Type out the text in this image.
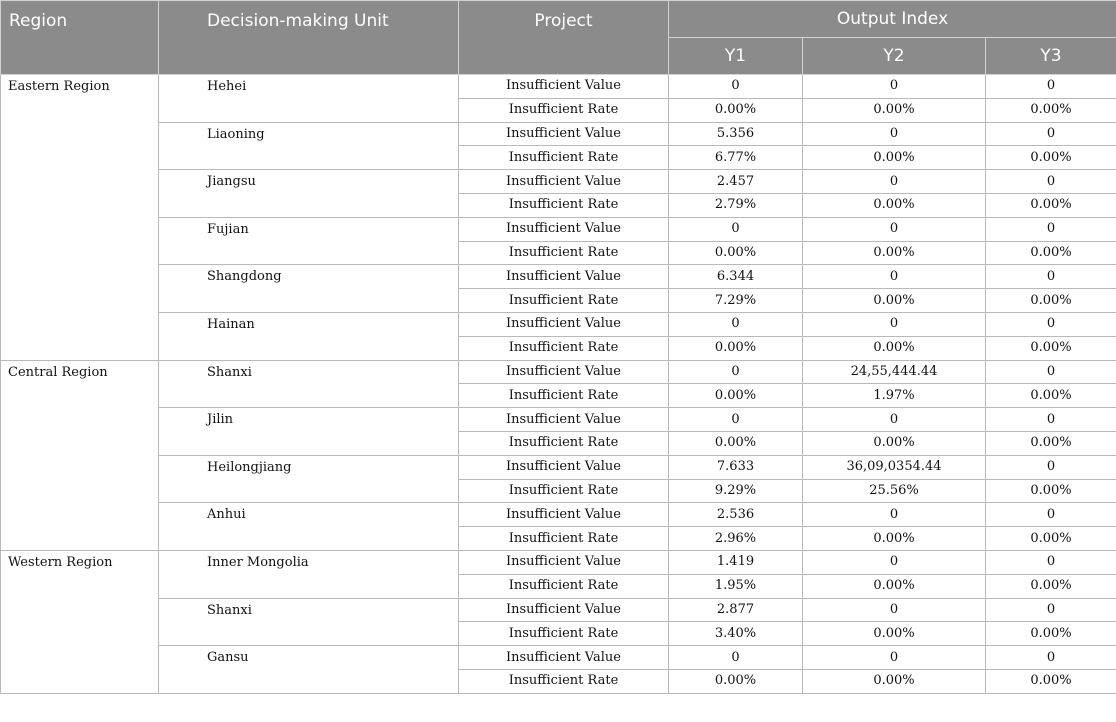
Region	Decision-making Unit	Project	Output Index		
			Y1	Y2	Y3
Eastern Region	Hehei	Insufficient Value	0	0	0
		Insufficient Rate	0.00%	0.00%	0.00%
	Liaoning	Insufficient Value	5.356	0	0
		Insufficient Rate	6.77%	0.00%	0.00%
	Jiangsu	Insufficient Value	2.457	0	0
		Insufficient Rate	2.79%	0.00%	0.00%
	Fujian	Insufficient Value	0	0	0
		Insufficient Rate	0.00%	0.00%	0.00%
	Shangdong	Insufficient Value	6.344	0	0
		Insufficient Rate	7.29%	0.00%	0.00%
	Hainan	Insufficient Value	0	0	0
		Insufficient Rate	0.00%	0.00%	0.00%
Central Region	Shanxi	Insufficient Value	0	24,55,444.44	0
		Insufficient Rate	0.00%	1.97%	0.00%
	Jilin	Insufficient Value	0	0	0
		Insufficient Rate	0.00%	0.00%	0.00%
	Heilongjiang	Insufficient Value	7.633	36,09,0354.44	0
		Insufficient Rate	9.29%	25.56%	0.00%
	Anhui	Insufficient Value	2.536	0	0
		Insufficient Rate	2.96%	0.00%	0.00%
Western Region	Inner Mongolia	Insufficient Value	1.419	0	0
		Insufficient Rate	1.95%	0.00%	0.00%
	Shanxi	Insufficient Value	2.877	0	0
		Insufficient Rate	3.40%	0.00%	0.00%
	Gansu	Insufficient Value	0	0	0
		Insufficient Rate	0.00%	0.00%	0.00%
